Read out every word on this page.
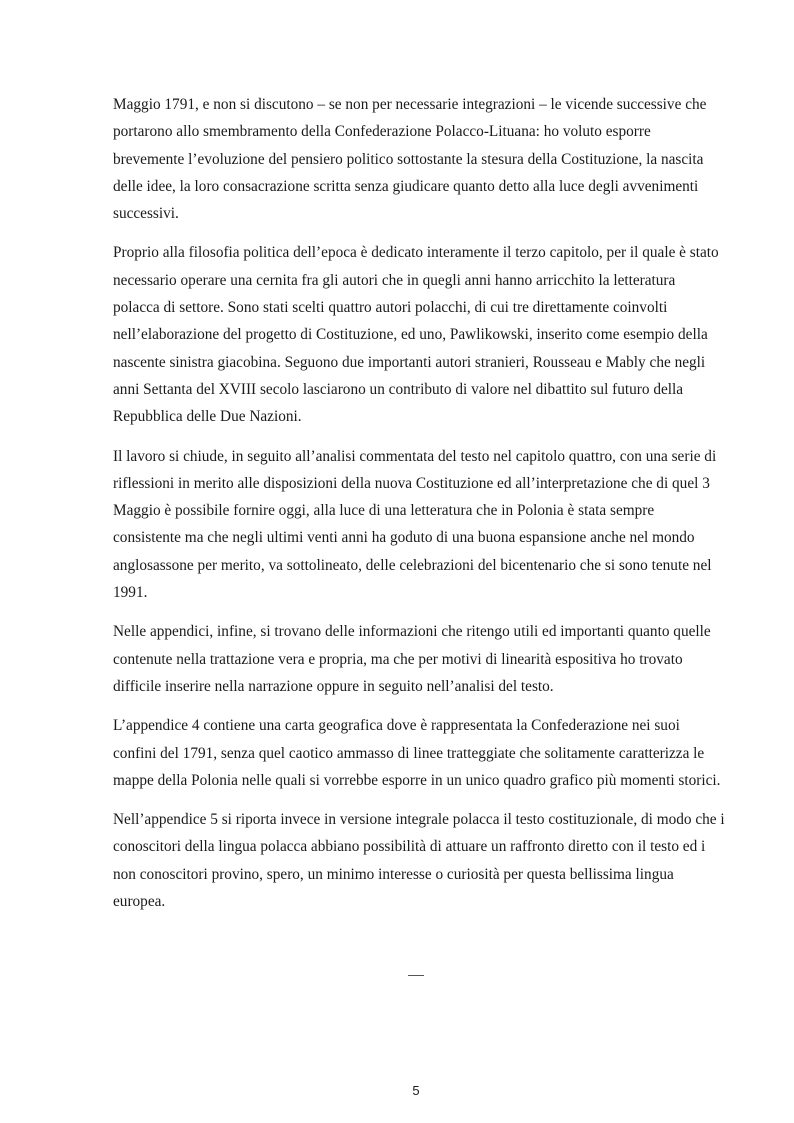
Maggio 1791, e non si discutono – se non per necessarie integrazioni – le vicende successive che portarono allo smembramento della Confederazione Polacco-Lituana: ho voluto esporre brevemente l’evoluzione del pensiero politico sottostante la stesura della Costituzione, la nascita delle idee, la loro consacrazione scritta senza giudicare quanto detto alla luce degli avvenimenti successivi.

Proprio alla filosofia politica dell’epoca è dedicato interamente il terzo capitolo, per il quale è stato necessario operare una cernita fra gli autori che in quegli anni hanno arricchito la letteratura polacca di settore. Sono stati scelti quattro autori polacchi, di cui tre direttamente coinvolti nell’elaborazione del progetto di Costituzione, ed uno, Pawlikowski, inserito come esempio della nascente sinistra giacobina. Seguono due importanti autori stranieri, Rousseau e Mably che negli anni Settanta del XVIII secolo lasciarono un contributo di valore nel dibattito sul futuro della Repubblica delle Due Nazioni.

Il lavoro si chiude, in seguito all’analisi commentata del testo nel capitolo quattro, con una serie di riflessioni in merito alle disposizioni della nuova Costituzione ed all’interpretazione che di quel 3 Maggio è possibile fornire oggi, alla luce di una letteratura che in Polonia è stata sempre consistente ma che negli ultimi venti anni ha goduto di una buona espansione anche nel mondo anglosassone per merito, va sottolineato, delle celebrazioni del bicentenario che si sono tenute nel 1991.

Nelle appendici, infine, si trovano delle informazioni che ritengo utili ed importanti quanto quelle contenute nella trattazione vera e propria, ma che per motivi di linearità espositiva ho trovato difficile inserire nella narrazione oppure in seguito nell’analisi del testo.

L’appendice 4 contiene una carta geografica dove è rappresentata la Confederazione nei suoi confini del 1791, senza quel caotico ammasso di linee tratteggiate che solitamente caratterizza le mappe della Polonia nelle quali si vorrebbe esporre in un unico quadro grafico più momenti storici.

Nell’appendice 5 si riporta invece in versione integrale polacca il testo costituzionale, di modo che i conoscitori della lingua polacca abbiano possibilità di attuare un raffronto diretto con il testo ed i non conoscitori provino, spero, un minimo interesse o curiosità per questa bellissima lingua europea.

5
